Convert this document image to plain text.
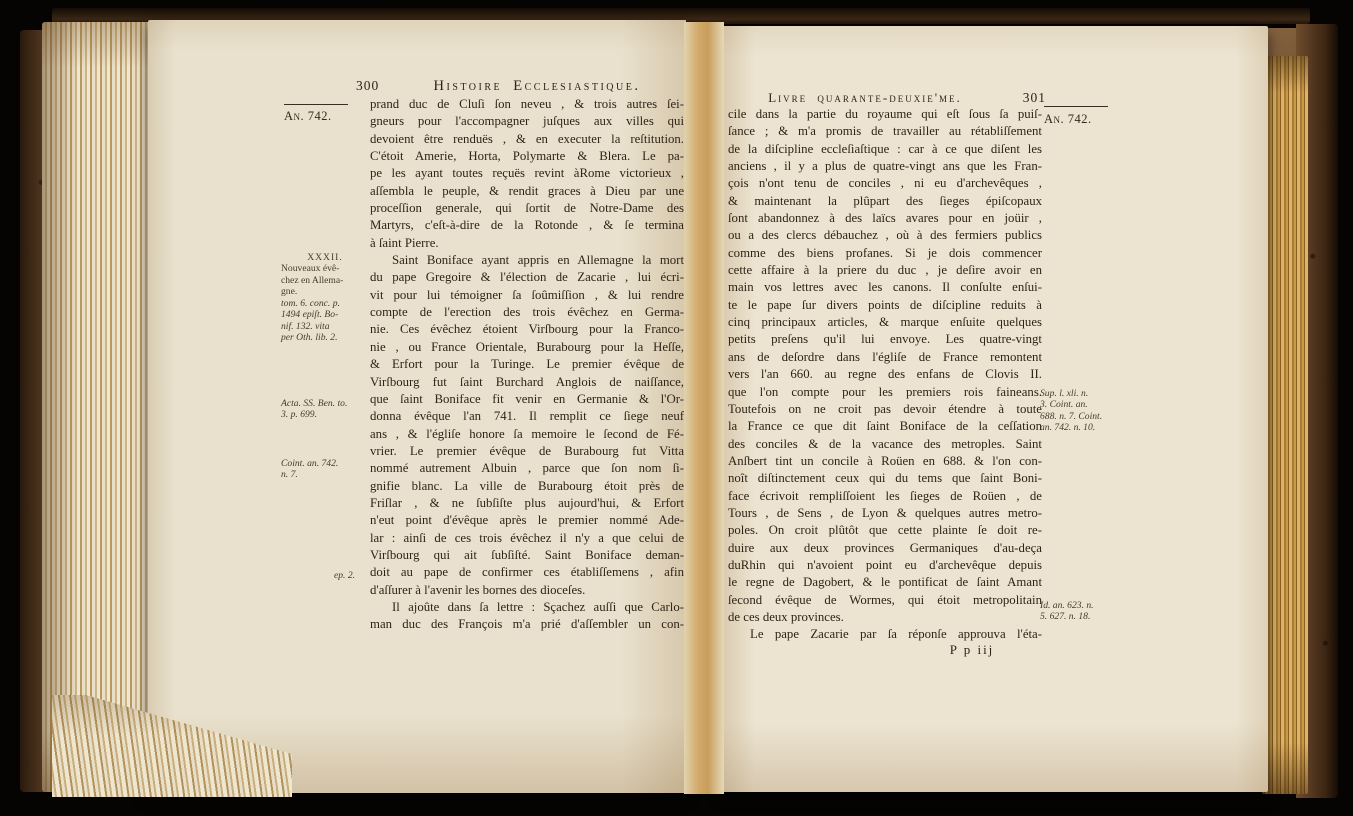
300	Histoire Ecclesiastique.
An. 742.
XXXII.
Nouveaux évê-
chez en Allema-
gne.
tom. 6. conc. p.
1494 epiſt. Bo-
nif. 132. vita
per Oth. lib. 2.
Acta. SS. Ben. to.
3. p. 699.
Coint. an. 742.
n. 7.
ep. 2.
prand duc de Cluſi ſon neveu , & trois autres ſei-
gneurs pour l'accompagner juſques aux villes qui
devoient être renduës , & en executer la reſtitution.
C'étoit Amerie, Horta, Polymarte & Blera. Le pa-
pe les ayant toutes reçuës revint àRome victorieux ,
aſſembla le peuple, & rendit graces à Dieu par une
proceſſion generale, qui ſortit de Notre-Dame des
Martyrs, c'eſt-à-dire de la Rotonde , & ſe termina
à ſaint Pierre.
Saint Boniface ayant appris en Allemagne la mort
du pape Gregoire & l'élection de Zacarie , lui écri-
vit pour lui témoigner ſa ſoûmiſſion , & lui rendre
compte de l'erection des trois évêchez en Germa-
nie. Ces évêchez étoient Virſbourg pour la Franco-
nie , ou France Orientale, Burabourg pour la Heſſe,
& Erfort pour la Turinge. Le premier évêque de
Virſbourg fut ſaint Burchard Anglois de naiſſance,
que ſaint Boniface fit venir en Germanie & l'Or-
donna évêque l'an 741. Il remplit ce ſiege neuf
ans , & l'égliſe honore ſa memoire le ſecond de Fé-
vrier. Le premier évêque de Burabourg fut Vitta
nommé autrement Albuin , parce que ſon nom ſi-
gnifie blanc. La ville de Burabourg étoit près de
Friſlar , & ne ſubſiſte plus aujourd'hui, & Erfort
n'eut point d'évêque après le premier nommé Ade-
lar : ainſi de ces trois évêchez il n'y a que celui de
Virſbourg qui ait ſubſiſté. Saint Boniface deman-
doit au pape de confirmer ces établiſſemens , afin
d'aſſurer à l'avenir les bornes des dioceſes.
Il ajoûte dans ſa lettre : Sçachez auſſi que Carlo-
man duc des François m'a prié d'aſſembler un con-
Livre quarante-deuxie'me.	301
An. 742.
Sup. l. xli. n.
3. Coint. an.
688. n. 7. Coint.
an. 742. n. 10.
Id. an. 623. n.
5. 627. n. 18.
cile dans la partie du royaume qui eſt ſous ſa puiſ-
ſance ; & m'a promis de travailler au rétabliſſement
de la diſcipline eccleſiaſtique : car à ce que diſent les
anciens , il y a plus de quatre-vingt ans que les Fran-
çois n'ont tenu de conciles , ni eu d'archevêques ,
& maintenant la plûpart des ſieges épiſcopaux
ſont abandonnez à des laïcs avares pour en joüir ,
ou a des clercs débauchez , où à des fermiers publics
comme des biens profanes. Si je dois commencer
cette affaire à la priere du duc , je deſire avoir en
main vos lettres avec les canons. Il conſulte enſui-
te le pape ſur divers points de diſcipline reduits à
cinq principaux articles, & marque enſuite quelques
petits preſens qu'il lui envoye. Les quatre-vingt
ans de deſordre dans l'égliſe de France remontent
vers l'an 660. au regne des enfans de Clovis II.
que l'on compte pour les premiers rois faineans.
Toutefois on ne croit pas devoir étendre à toute
la France ce que dit ſaint Boniface de la ceſſation
des conciles & de la vacance des metroples. Saint
Anſbert tint un concile à Roüen en 688. & l'on con-
noît diſtinctement ceux qui du tems que ſaint Boni-
face écrivoit rempliſſoient les ſieges de Roüen , de
Tours , de Sens , de Lyon & quelques autres metro-
poles. On croit plûtôt que cette plainte ſe doit re-
duire aux deux provinces Germaniques d'au-deça
duRhin qui n'avoient point eu d'archevêque depuis
le regne de Dagobert, & le pontificat de ſaint Amant
ſecond évêque de Wormes, qui étoit metropolitain
de ces deux provinces.
Le pape Zacarie par ſa réponſe approuva l'éta-
P p iij
